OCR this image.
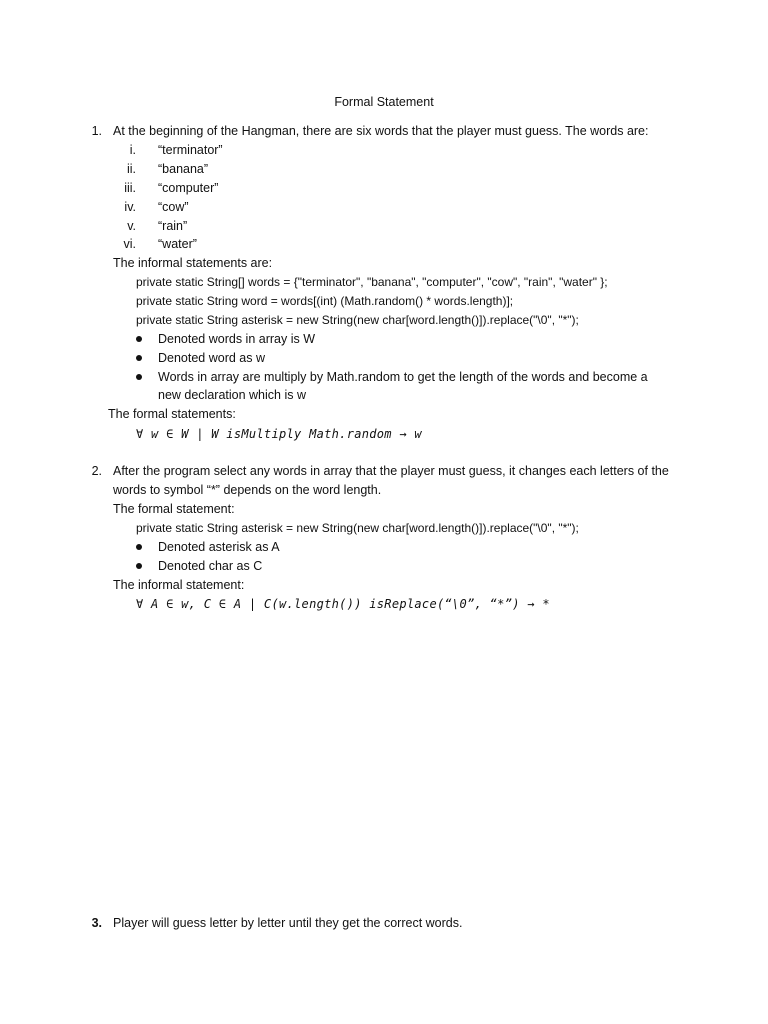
Formal Statement
1. At the beginning of the Hangman, there are six words that the player must guess. The words are:
i. “terminator”
ii. “banana”
iii. “computer”
iv. “cow”
v. “rain”
vi. “water”
The informal statements are:
private static String[] words = {"terminator", "banana", "computer", "cow", "rain", "water" };
private static String word = words[(int) (Math.random() * words.length)];
private static String asterisk = new String(new char[word.length()]).replace("\0", "*");
Denoted words in array is W
Denoted word as w
Words in array are multiply by Math.random to get the length of the words and become a
new declaration which is w
The formal statements:
∀ w ∈ W | W isMultiply Math.random → w
2. After the program select any words in array that the player must guess, it changes each letters of the
words to symbol “*” depends on the word length.
The formal statement:
private static String asterisk = new String(new char[word.length()]).replace("\0", "*");
Denoted asterisk as A
Denoted char as C
The informal statement:
∀ A ∈ w, C ∈ A | C(w.length()) isReplace(“\0”, “*”) → *
3. Player will guess letter by letter until they get the correct words.
